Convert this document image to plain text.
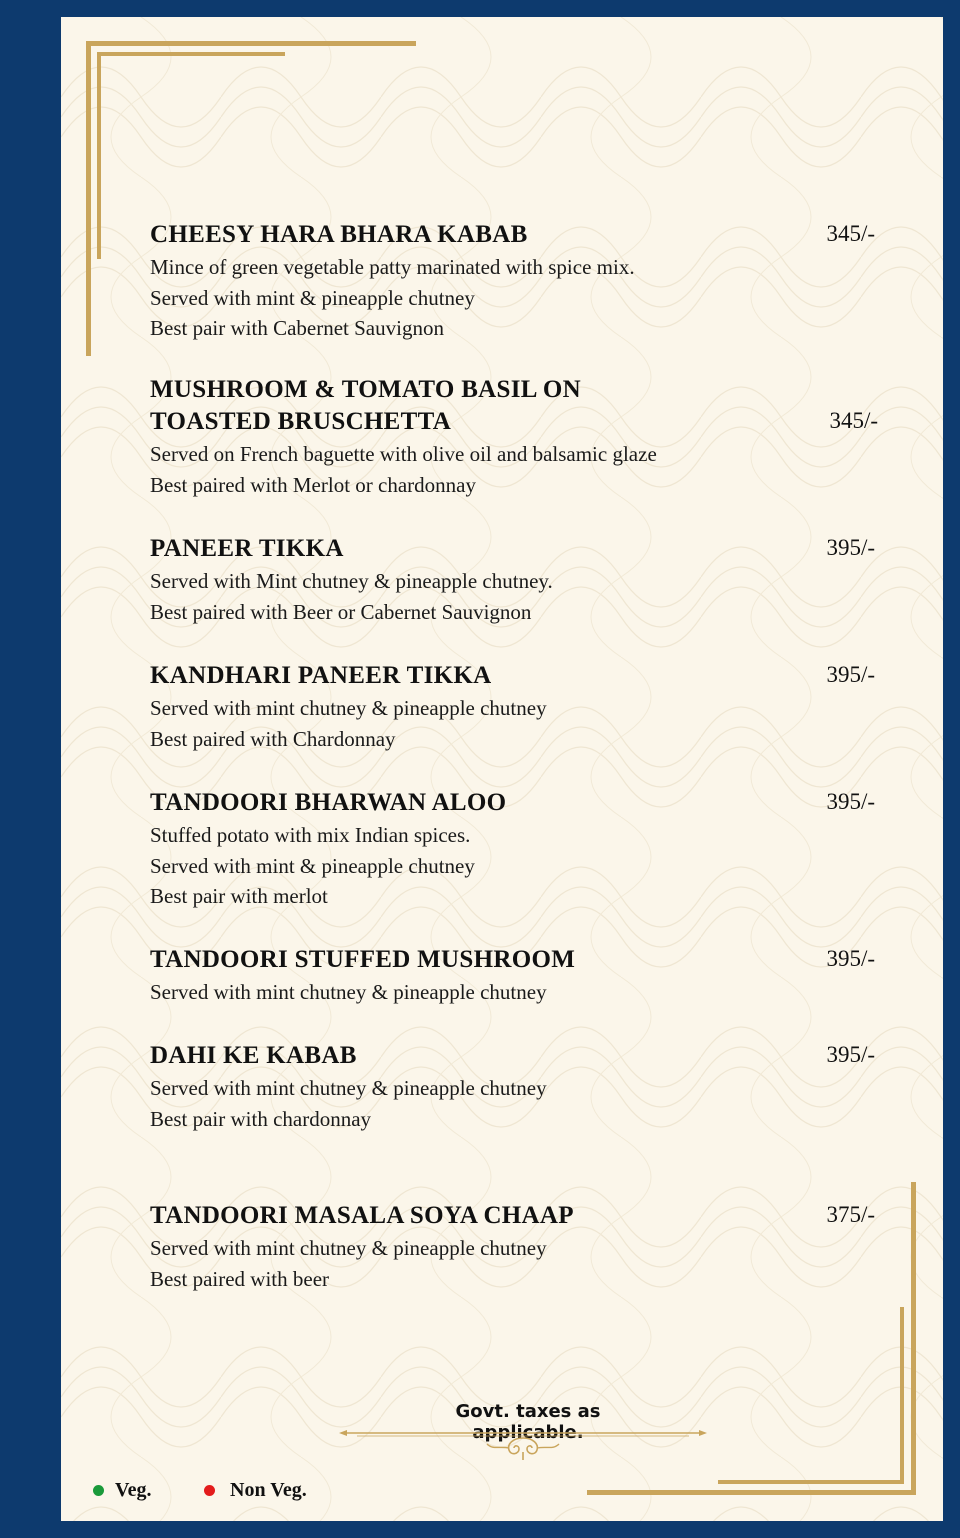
CHEESY HARA BHARA KABAB	345/-
Mince of green vegetable patty marinated with spice mix.
Served with mint & pineapple chutney
Best pair with Cabernet Sauvignon
MUSHROOM & TOMATO BASIL ON
TOASTED BRUSCHETTA	345/-
Served on French baguette with olive oil and balsamic glaze
Best paired with Merlot or chardonnay
PANEER TIKKA	395/-
Served with Mint chutney & pineapple chutney.
Best paired with Beer or Cabernet Sauvignon
KANDHARI PANEER TIKKA	395/-
Served with mint chutney & pineapple chutney
Best paired with Chardonnay
TANDOORI BHARWAN ALOO	395/-
Stuffed potato with mix Indian spices.
Served with mint & pineapple chutney
Best pair with merlot
TANDOORI STUFFED MUSHROOM	395/-
Served with mint chutney & pineapple chutney
DAHI KE KABAB	395/-
Served with mint chutney & pineapple chutney
Best pair with chardonnay
TANDOORI MASALA SOYA CHAAP	375/-
Served with mint chutney & pineapple chutney
Best paired with beer
Govt. taxes as applicable.
Veg.	Non Veg.
